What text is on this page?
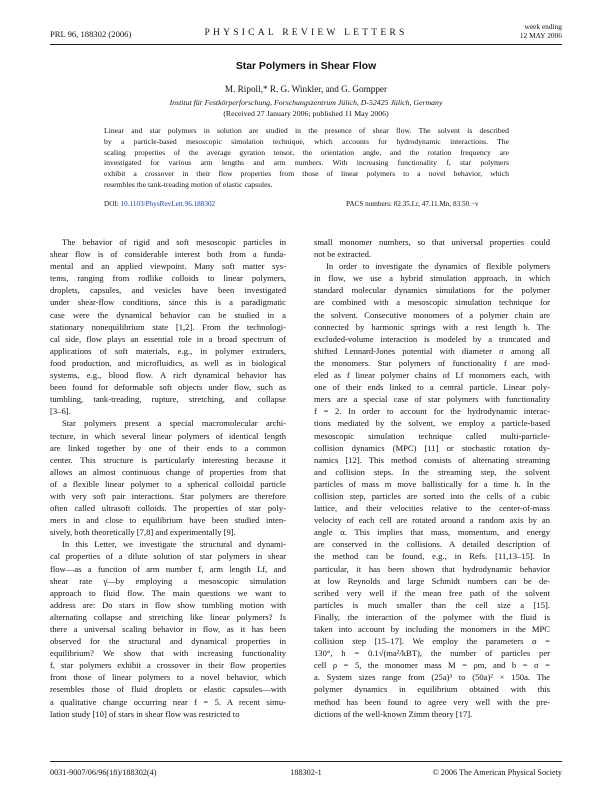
PRL 96, 188302 (2006)	PHYSICAL REVIEW LETTERS
week ending
12 MAY 2006
Star Polymers in Shear Flow
M. Ripoll,* R. G. Winkler, and G. Gompper
Institut für Festkörperforschung, Forschungszentrum Jülich, D-52425 Jülich, Germany
(Received 27 January 2006; published 11 May 2006)
Linear and star polymers in solution are studied in the presence of shear flow. The solvent is described
by a particle-based mesoscopic simulation technique, which accounts for hydrodynamic interactions. The
scaling properties of the average gyration tensor, the orientation angle, and the rotation frequency are
investigated for various arm lengths and arm numbers. With increasing functionality f, star polymers
exhibit a crossover in their flow properties from those of linear polymers to a novel behavior, which
resembles the tank-treading motion of elastic capsules.
DOI: 10.1103/PhysRevLett.96.188302	PACS numbers: 82.35.Lr, 47.11.Mn, 83.50.−v
The behavior of rigid and soft mesoscopic particles in
shear flow is of considerable interest both from a funda-
mental and an applied viewpoint. Many soft matter sys-
tems, ranging from rodlike colloids to linear polymers,
droplets, capsules, and vesicles have been investigated
under shear-flow conditions, since this is a paradigmatic
case were the dynamical behavior can be studied in a
stationary nonequilibrium state [1,2]. From the technologi-
cal side, flow plays an essential role in a broad spectrum of
applications of soft materials, e.g., in polymer extruders,
food production, and microfluidics, as well as in biological
systems, e.g., blood flow. A rich dynamical behavior has
been found for deformable soft objects under flow, such as
tumbling, tank-treading, rupture, stretching, and collapse
[3–6].
Star polymers present a special macromolecular archi-
tecture, in which several linear polymers of identical length
are linked together by one of their ends to a common
center. This structure is particularly interesting because it
allows an almost continuous change of properties from that
of a flexible linear polymer to a spherical colloidal particle
with very soft pair interactions. Star polymers are therefore
often called ultrasoft colloids. The properties of star poly-
mers in and close to equilibrium have been studied inten-
sively, both theoretically [7,8] and experimentally [9].
In this Letter, we investigate the structural and dynami-
cal properties of a dilute solution of star polymers in shear
flow—as a function of arm number f, arm length Lf, and
shear rate γ̇—by employing a mesoscopic simulation
approach to fluid flow. The main questions we want to
address are: Do stars in flow show tumbling motion with
alternating collapse and stretching like linear polymers? Is
there a universal scaling behavior in flow, as it has been
observed for the structural and dynamical properties in
equilibrium? We show that with increasing functionality
f, star polymers exhibit a crossover in their flow properties
from those of linear polymers to a novel behavior, which
resembles those of fluid droplets or elastic capsules—with
a qualitative change occurring near f = 5. A recent simu-
lation study [10] of stars in shear flow was restricted to
small monomer numbers, so that universal properties could
not be extracted.
In order to investigate the dynamics of flexible polymers
in flow, we use a hybrid simulation approach, in which
standard molecular dynamics simulations for the polymer
are combined with a mesoscopic simulation technique for
the solvent. Consecutive monomers of a polymer chain are
connected by harmonic springs with a rest length b. The
excluded-volume interaction is modeled by a truncated and
shifted Lennard-Jones potential with diameter σ among all
the monomers. Star polymers of functionality f are mod-
eled as f linear polymer chains of Lf monomers each, with
one of their ends linked to a central particle. Linear poly-
mers are a special case of star polymers with functionality
f = 2. In order to account for the hydrodynamic interac-
tions mediated by the solvent, we employ a particle-based
mesoscopic simulation technique called multi-particle-
collision dynamics (MPC) [11] or stochastic rotation dy-
namics [12]. This method consists of alternating streaming
and collision steps. In the streaming step, the solvent
particles of mass m move ballistically for a time h. In the
collision step, particles are sorted into the cells of a cubic
lattice, and their velocities relative to the center-of-mass
velocity of each cell are rotated around a random axis by an
angle α. This implies that mass, momentum, and energy
are conserved in the collisions. A detailed description of
the method can be found, e.g., in Refs. [11,13–15]. In
particular, it has been shown that hydrodynamic behavior
at low Reynolds and large Schmidt numbers can be de-
scribed very well if the mean free path of the solvent
particles is much smaller than the cell size a [15].
Finally, the interaction of the polymer with the fluid is
taken into account by including the monomers in the MPC
collision step [15–17]. We employ the parameters α =
130°, h = 0.1√(ma²/kBT), the number of particles per
cell ρ = 5, the monomer mass M = ρm, and b = σ =
a. System sizes range from (25a)³ to (50a)² × 150a. The
polymer dynamics in equilibrium obtained with this
method has been found to agree very well with the pre-
dictions of the well-known Zimm theory [17].
0031-9007/06/96(18)/188302(4)	188302-1	© 2006 The American Physical Society
